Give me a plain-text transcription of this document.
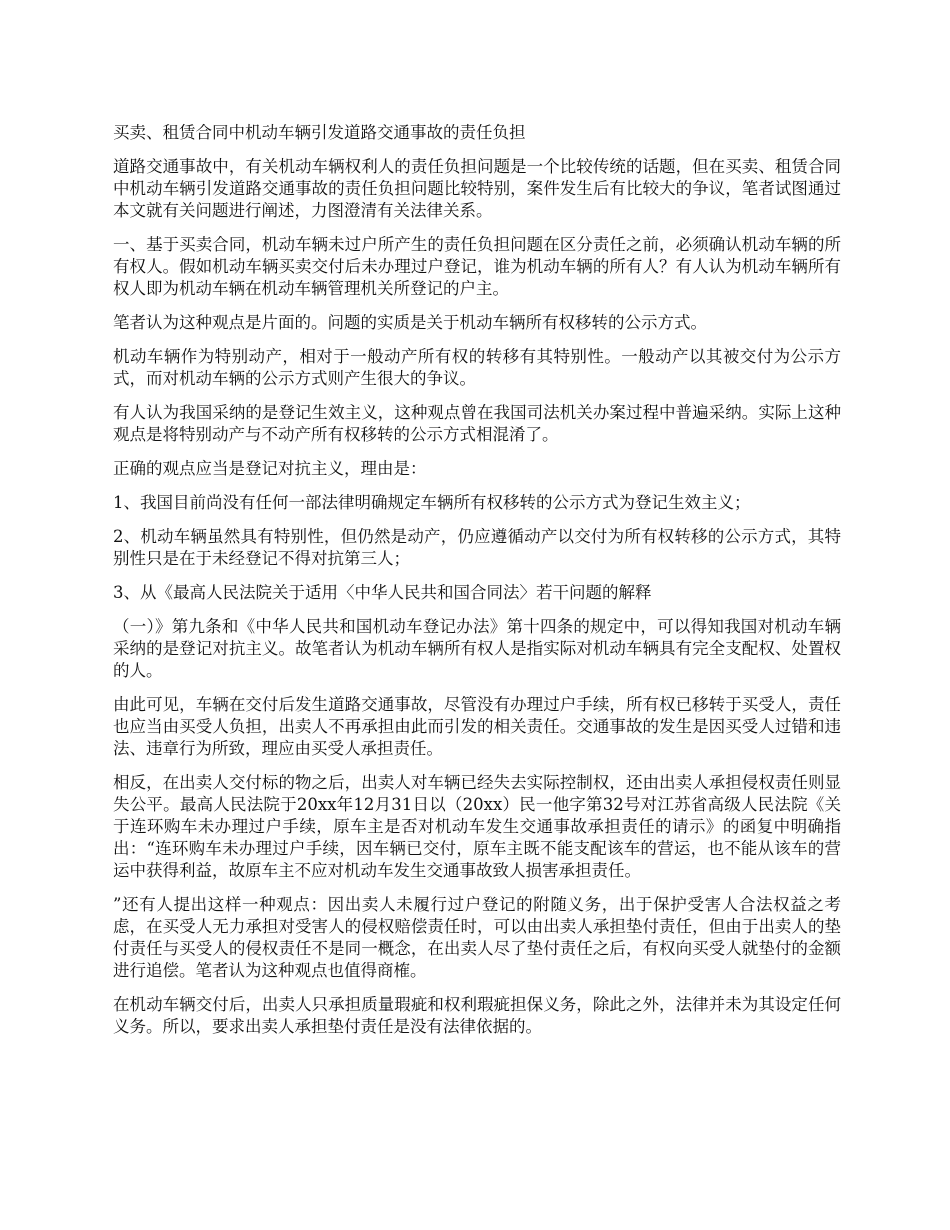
买卖、租赁合同中机动车辆引发道路交通事故的责任负担

道路交通事故中，有关机动车辆权利人的责任负担问题是一个比较传统的话题，但在买卖、租赁合同中机动车辆引发道路交通事故的责任负担问题比较特别，案件发生后有比较大的争议，笔者试图通过本文就有关问题进行阐述，力图澄清有关法律关系。

一、基于买卖合同，机动车辆未过户所产生的责任负担问题在区分责任之前，必须确认机动车辆的所有权人。假如机动车辆买卖交付后未办理过户登记，谁为机动车辆的所有人？有人认为机动车辆所有权人即为机动车辆在机动车辆管理机关所登记的户主。

笔者认为这种观点是片面的。问题的实质是关于机动车辆所有权移转的公示方式。

机动车辆作为特别动产，相对于一般动产所有权的转移有其特别性。一般动产以其被交付为公示方式，而对机动车辆的公示方式则产生很大的争议。

有人认为我国采纳的是登记生效主义，这种观点曾在我国司法机关办案过程中普遍采纳。实际上这种观点是将特别动产与不动产所有权移转的公示方式相混淆了。

正确的观点应当是登记对抗主义，理由是：

1、我国目前尚没有任何一部法律明确规定车辆所有权移转的公示方式为登记生效主义；

2、机动车辆虽然具有特别性，但仍然是动产，仍应遵循动产以交付为所有权转移的公示方式，其特别性只是在于未经登记不得对抗第三人；

3、从《最高人民法院关于适用〈中华人民共和国合同法〉若干问题的解释

（一）》第九条和《中华人民共和国机动车登记办法》第十四条的规定中，可以得知我国对机动车辆采纳的是登记对抗主义。故笔者认为机动车辆所有权人是指实际对机动车辆具有完全支配权、处置权的人。

由此可见，车辆在交付后发生道路交通事故，尽管没有办理过户手续，所有权已移转于买受人，责任也应当由买受人负担，出卖人不再承担由此而引发的相关责任。交通事故的发生是因买受人过错和违法、违章行为所致，理应由买受人承担责任。

相反，在出卖人交付标的物之后，出卖人对车辆已经失去实际控制权，还由出卖人承担侵权责任则显失公平。最高人民法院于20xx年12月31日以（20xx）民一他字第32号对江苏省高级人民法院《关于连环购车未办理过户手续，原车主是否对机动车发生交通事故承担责任的请示》的函复中明确指出：“连环购车未办理过户手续，因车辆已交付，原车主既不能支配该车的营运，也不能从该车的营运中获得利益，故原车主不应对机动车发生交通事故致人损害承担责任。

”还有人提出这样一种观点：因出卖人未履行过户登记的附随义务，出于保护受害人合法权益之考虑，在买受人无力承担对受害人的侵权赔偿责任时，可以由出卖人承担垫付责任，但由于出卖人的垫付责任与买受人的侵权责任不是同一概念，在出卖人尽了垫付责任之后，有权向买受人就垫付的金额进行追偿。笔者认为这种观点也值得商榷。

在机动车辆交付后，出卖人只承担质量瑕疵和权利瑕疵担保义务，除此之外，法律并未为其设定任何义务。所以，要求出卖人承担垫付责任是没有法律依据的。
